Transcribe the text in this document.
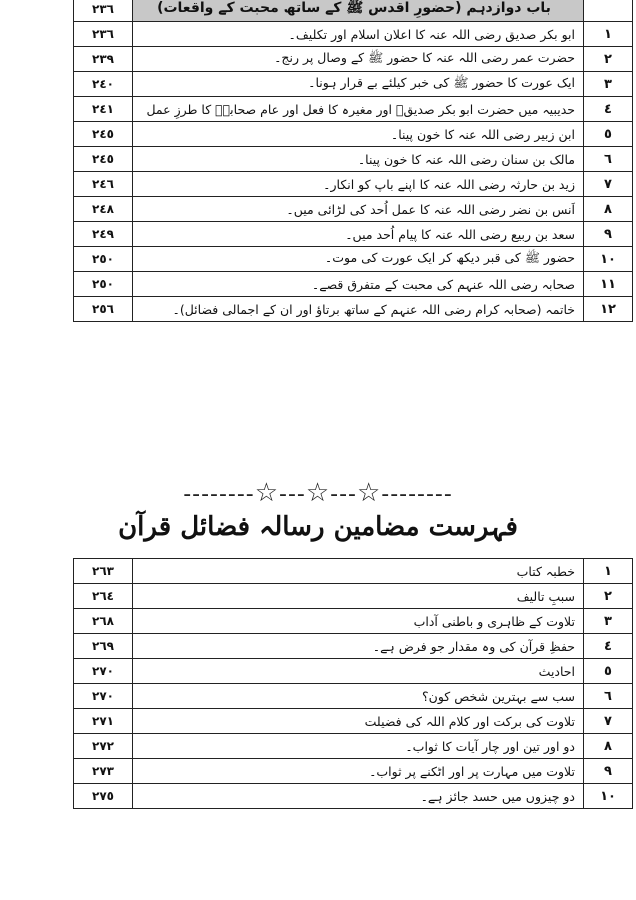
٢٣٦	باب دوازدہم (حضورِ اقدس ﷺ کے ساتھ محبت کے واقعات)	
٢٣٦	ابو بکر صدیق رضی اللہ عنہ کا اعلان اسلام اور تکلیف۔	١
٢٣٩	حضرت عمر رضی اللہ عنہ کا حضور ﷺ کے وصال پر رنج۔	٢
٢٤٠	ایک عورت کا حضور ﷺ کی خبر کیلئے بے قرار ہونا۔	٣
٢٤١	حدیبیہ میں حضرت ابو بکر صدیقؓ اور مغیرہ کا فعل اور عام صحابہؓ کا طرزِ عمل	٤
٢٤٥	ابن زبیر رضی اللہ عنہ کا خون پینا۔	٥
٢٤٥	مالک بن سنان رضی اللہ عنہ کا خون پینا۔	٦
٢٤٦	زید بن حارثہ رضی اللہ عنہ کا اپنے باپ کو انکار۔	٧
٢٤٨	اَنس بن نضر رضی اللہ عنہ کا عمل اُحد کی لڑائی میں۔	٨
٢٤٩	سعد بن ربیع رضی اللہ عنہ کا پیام اُحد میں۔	٩
٢٥٠	حضور ﷺ کی قبر دیکھ کر ایک عورت کی موت۔	١٠
٢٥٠	صحابہ رضی اللہ عنہم کی محبت کے متفرق قصے۔	١١
٢٥٦	خاتمہ (صحابہ کرام رضی اللہ عنہم کے ساتھ برتاؤ اور ان کے اجمالی فضائل)۔	١٢
--------☆---☆---☆--------
فہرست مضامین رسالہ فضائل قرآن
٢٦٣	خطبہ کتاب	١
٢٦٤	سببِ تالیف	٢
٢٦٨	تلاوت کے ظاہری و باطنی آداب	٣
٢٦٩	حفظِ قرآن کی وہ مقدار جو فرض ہے۔	٤
٢٧٠	احادیث	٥
٢٧٠	سب سے بہترین شخص کون؟	٦
٢٧١	تلاوت کی برکت اور کلام اللہ کی فضیلت	٧
٢٧٢	دو اور تین اور چار آیات کا ثواب۔	٨
٢٧٣	تلاوت میں مہارت پر اور اٹکنے پر ثواب۔	٩
٢٧٥	دو چیزوں میں حسد جائز ہے۔	١٠
